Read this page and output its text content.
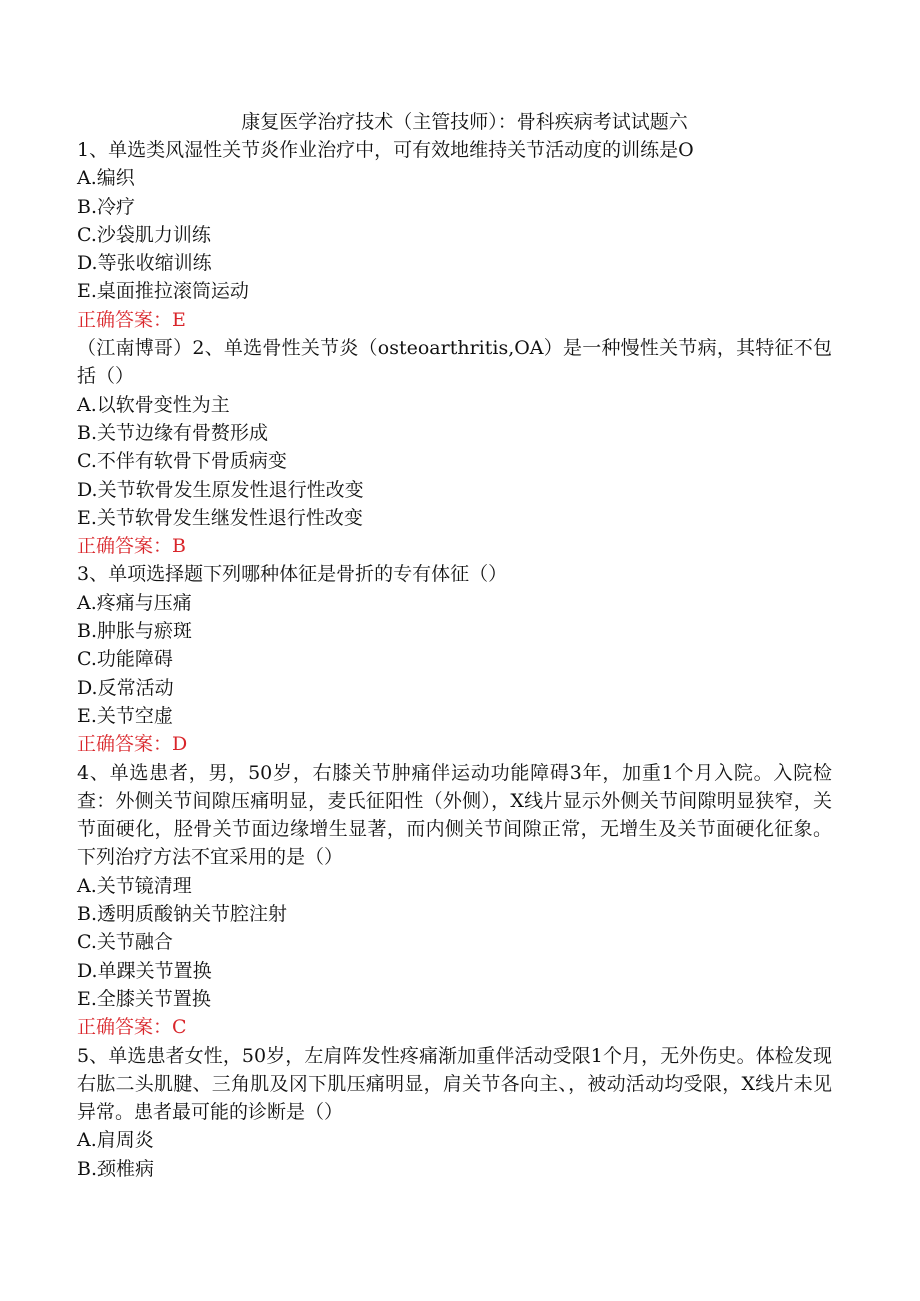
康复医学治疗技术（主管技师）：骨科疾病考试试题六

1、单选类风湿性关节炎作业治疗中，可有效地维持关节活动度的训练是O

A.编织
B.冷疗
C.沙袋肌力训练
D.等张收缩训练
E.桌面推拉滚筒运动

正确答案：E

（江南博哥）2、单选骨性关节炎（osteoarthritis,OA）是一种慢性关节病，其特征不包括（）

A.以软骨变性为主
B.关节边缘有骨赘形成
C.不伴有软骨下骨质病变
D.关节软骨发生原发性退行性改变
E.关节软骨发生继发性退行性改变

正确答案：B

3、单项选择题下列哪种体征是骨折的专有体征（）

A.疼痛与压痛
B.肿胀与瘀斑
C.功能障碍
D.反常活动
E.关节空虚

正确答案：D

4、单选患者，男，50岁，右膝关节肿痛伴运动功能障碍3年，加重1个月入院。入院检查：外侧关节间隙压痛明显，麦氏征阳性（外侧），X线片显示外侧关节间隙明显狭窄，关节面硬化，胫骨关节面边缘增生显著，而内侧关节间隙正常，无增生及关节面硬化征象。下列治疗方法不宜采用的是（）

A.关节镜清理
B.透明质酸钠关节腔注射
C.关节融合
D.单踝关节置换
E.全膝关节置换

正确答案：C

5、单选患者女性，50岁，左肩阵发性疼痛渐加重伴活动受限1个月，无外伤史。体检发现右肱二头肌腱、三角肌及冈下肌压痛明显，肩关节各向主、，被动活动均受限，X线片未见异常。患者最可能的诊断是（）

A.肩周炎
B.颈椎病
